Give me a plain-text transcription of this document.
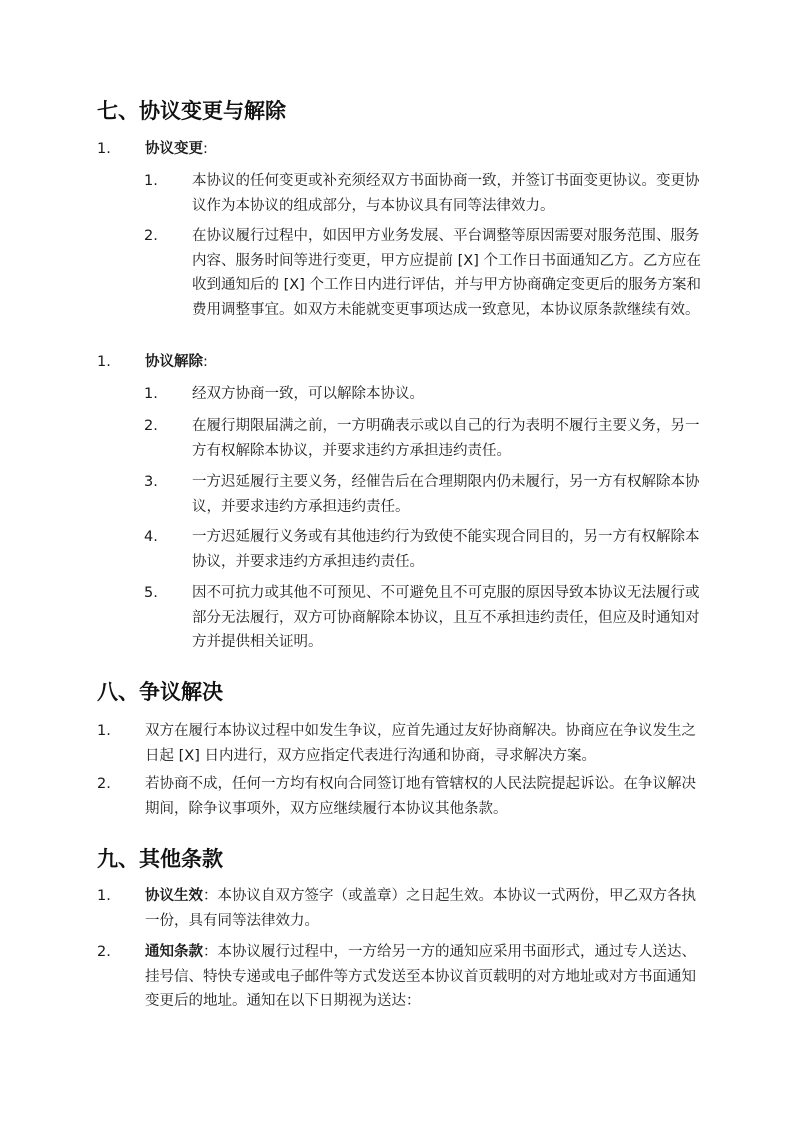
七、协议变更与解除
1. 协议变更:
1. 本协议的任何变更或补充须经双方书面协商一致，并签订书面变更协议。变更协议作为本协议的组成部分，与本协议具有同等法律效力。
2. 在协议履行过程中，如因甲方业务发展、平台调整等原因需要对服务范围、服务内容、服务时间等进行变更，甲方应提前 [X] 个工作日书面通知乙方。乙方应在收到通知后的 [X] 个工作日内进行评估，并与甲方协商确定变更后的服务方案和费用调整事宜。如双方未能就变更事项达成一致意见，本协议原条款继续有效。
1. 协议解除:
1. 经双方协商一致，可以解除本协议。
2. 在履行期限届满之前，一方明确表示或以自己的行为表明不履行主要义务，另一方有权解除本协议，并要求违约方承担违约责任。
3. 一方迟延履行主要义务，经催告后在合理期限内仍未履行，另一方有权解除本协议，并要求违约方承担违约责任。
4. 一方迟延履行义务或有其他违约行为致使不能实现合同目的，另一方有权解除本协议，并要求违约方承担违约责任。
5. 因不可抗力或其他不可预见、不可避免且不可克服的原因导致本协议无法履行或部分无法履行，双方可协商解除本协议，且互不承担违约责任，但应及时通知对方并提供相关证明。
八、争议解决
1. 双方在履行本协议过程中如发生争议，应首先通过友好协商解决。协商应在争议发生之日起 [X] 日内进行，双方应指定代表进行沟通和协商，寻求解决方案。
2. 若协商不成，任何一方均有权向合同签订地有管辖权的人民法院提起诉讼。在争议解决期间，除争议事项外，双方应继续履行本协议其他条款。
九、其他条款
1. 协议生效：本协议自双方签字（或盖章）之日起生效。本协议一式两份，甲乙双方各执一份，具有同等法律效力。
2. 通知条款：本协议履行过程中，一方给另一方的通知应采用书面形式，通过专人送达、挂号信、特快专递或电子邮件等方式发送至本协议首页载明的对方地址或对方书面通知变更后的地址。通知在以下日期视为送达：
